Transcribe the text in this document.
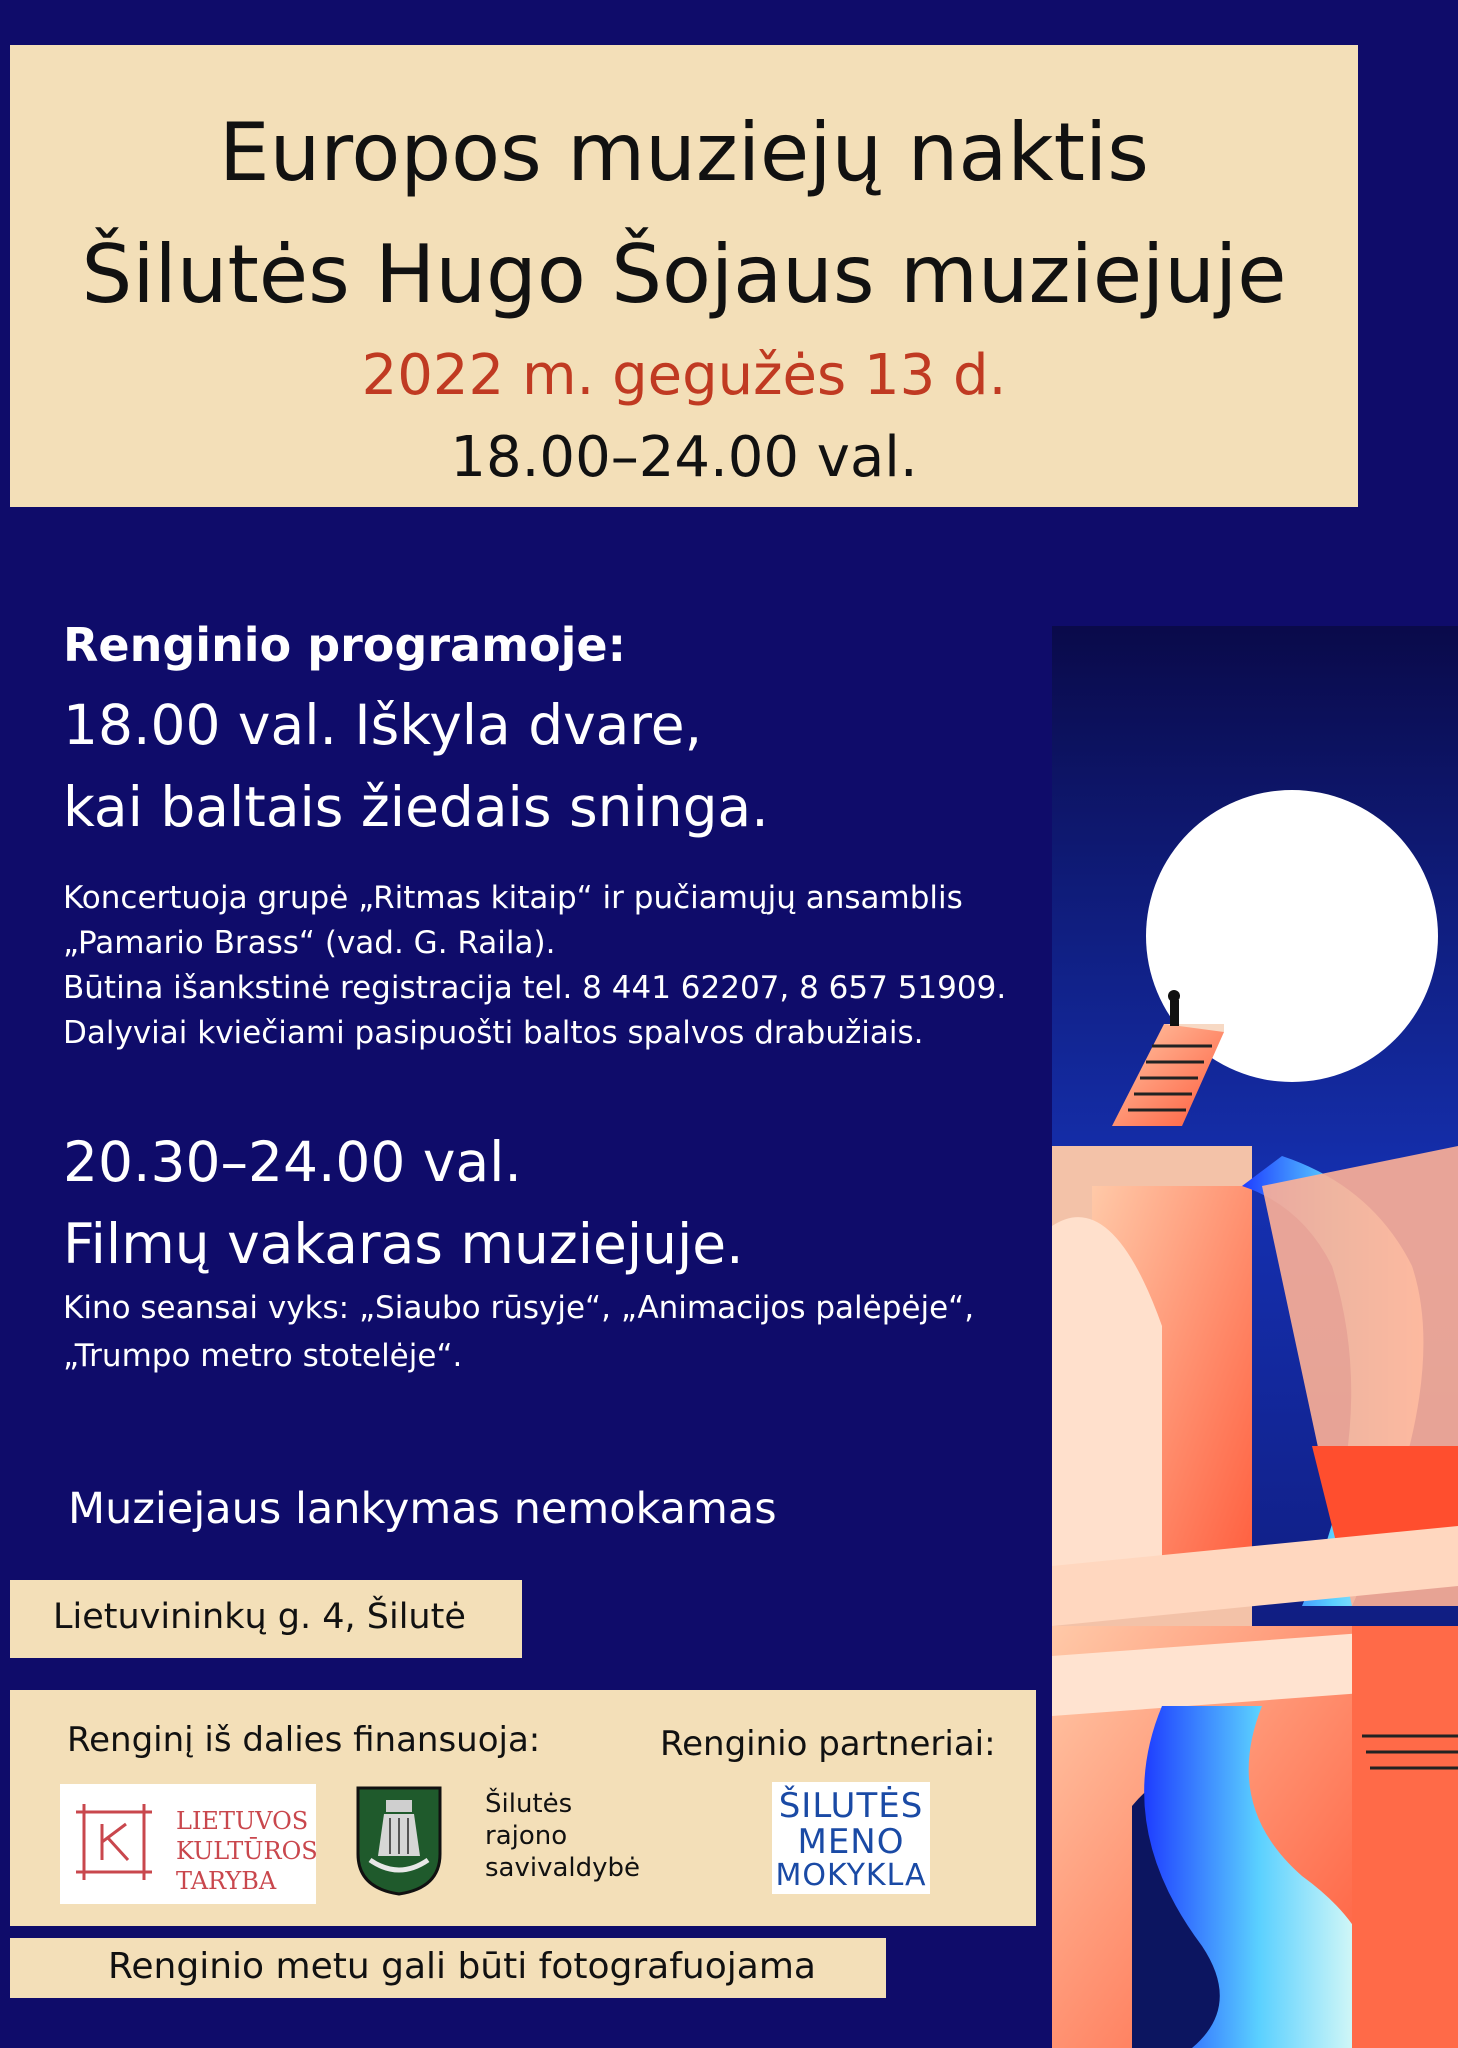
Europos muziejų naktis
Šilutės Hugo Šojaus muziejuje
2022 m. gegužės 13 d.
18.00–24.00 val.
Renginio programoje:
18.00 val. Iškyla dvare,
kai baltais žiedais sninga.
Koncertuoja grupė „Ritmas kitaip“ ir pučiamųjų ansamblis
„Pamario Brass“ (vad. G. Raila).
Būtina išankstinė registracija tel. 8 441 62207, 8 657 51909.
Dalyviai kviečiami pasipuošti baltos spalvos drabužiais.
20.30–24.00 val.
Filmų vakaras muziejuje.
Kino seansai vyks: „Siaubo rūsyje“, „Animacijos palėpėje“,
„Trumpo metro stotelėje“.
Muziejaus lankymas nemokamas
Lietuvininkų g. 4, Šilutė
Renginį iš dalies finansuoja:	Renginio partneriai:
LIETUVOS
KULTŪROS
TARYBA
Šilutės
rajono
savivaldybė
ŠILUTĖS
MENO
MOKYKLA
Renginio metu gali būti fotografuojama
